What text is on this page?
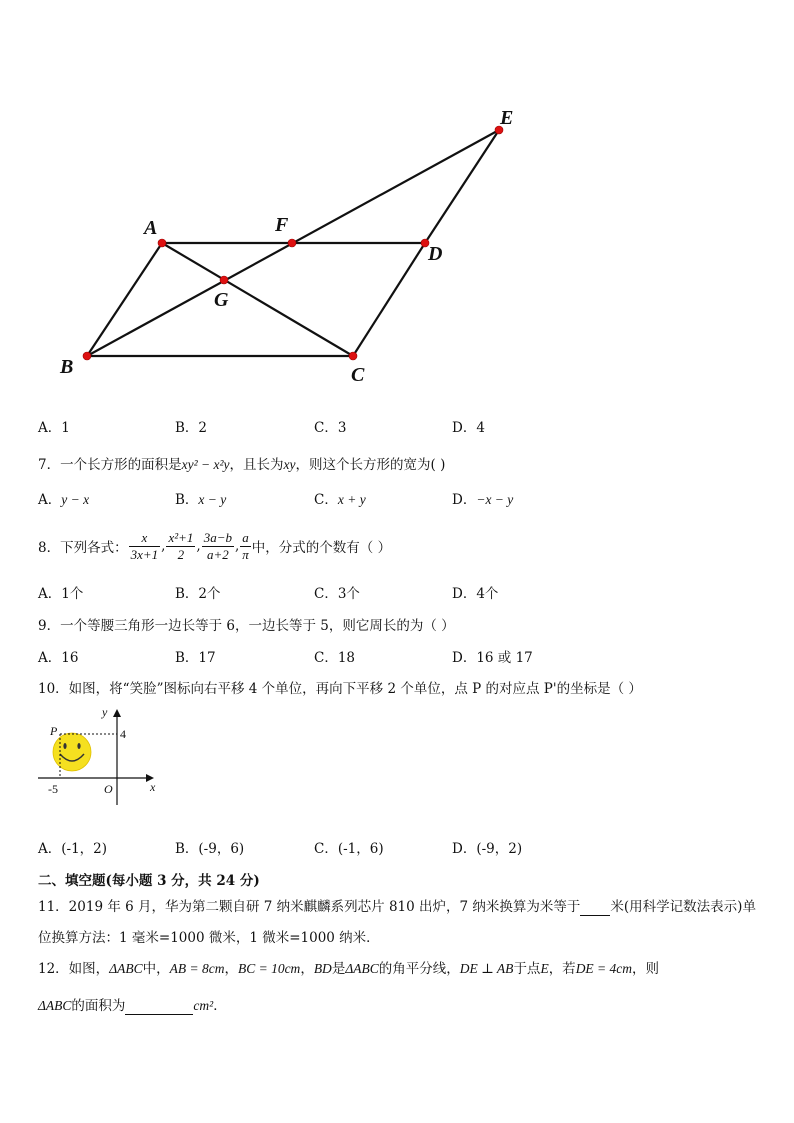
A
B	C
D
E
F
G
A．1	B．2	C．3	D．4
7．一个长方形的面积是xy² − x²y，且长为xy，则这个长方形的宽为( )
A．y − x	B．x − y	C．x + y	D．−x − y
8．下列各式： $\frac{x}{3x+1}$ , $\frac{\text{x²+1}}{2}$ , $\frac{3a-b}{a+2}$ , $\frac{a}{\pi}$ 中，分式的个数有（ ）
A．1个	B．2个	C．3个	D．4个
9．一个等腰三角形一边长等于 6，一边长等于 5，则它周长的为（ ）
A．16	B．17	C．18	D．16 或 17
10．如图，将“笑脸”图标向右平移 4 个单位，再向下平移 2 个单位，点 P 的对应点 P'的坐标是（ ）
P
y
x
4
-5	O
A．(-1，2)	B．(-9，6)	C．(-1，6)	D．(-9，2)
二、填空题(每小题 3 分，共 24 分)
11．2019 年 6 月，华为第二颗自研 7 纳米麒麟系列芯片 810 出炉，7 纳米换算为米等于 米(用科学记数法表示)单
位换算方法：1 毫米=1000 微米，1 微米=1000 纳米．
12．如图，ΔABC中，AB = 8cm，BC = 10cm，BD是ΔABC的角平分线，DE ⊥ AB于点E，若DE = 4cm，则
ΔABC的面积为	cm²．
